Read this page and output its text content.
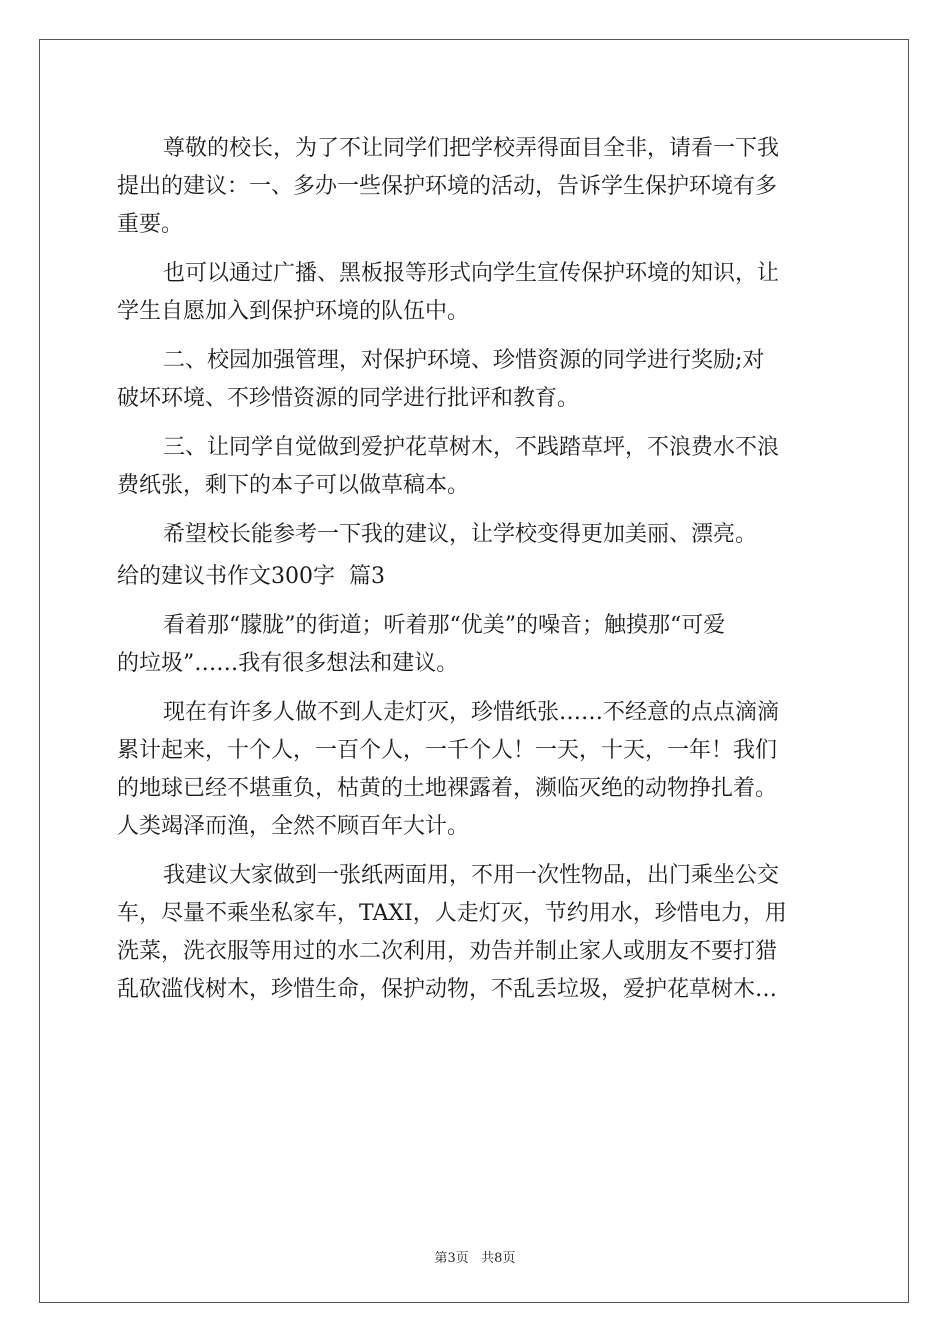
尊敬的校长，为了不让同学们把学校弄得面目全非，请看一下我
提出的建议：一、多办一些保护环境的活动，告诉学生保护环境有多
重要。

也可以通过广播、黑板报等形式向学生宣传保护环境的知识，让
学生自愿加入到保护环境的队伍中。

二、校园加强管理，对保护环境、珍惜资源的同学进行奖励;对
破坏环境、不珍惜资源的同学进行批评和教育。

三、让同学自觉做到爱护花草树木，不践踏草坪，不浪费水不浪
费纸张，剩下的本子可以做草稿本。

希望校长能参考一下我的建议，让学校变得更加美丽、漂亮。

给的建议书作文300字  篇3

看着那“朦胧”的街道；听着那“优美”的噪音；触摸那“可爱
的垃圾”……我有很多想法和建议。

现在有许多人做不到人走灯灭，珍惜纸张……不经意的点点滴滴
累计起来，十个人，一百个人，一千个人！一天，十天，一年！我们
的地球已经不堪重负，枯黄的土地裸露着，濒临灭绝的动物挣扎着。
人类竭泽而渔，全然不顾百年大计。

我建议大家做到一张纸两面用，不用一次性物品，出门乘坐公交
车，尽量不乘坐私家车，TAXI，人走灯灭，节约用水，珍惜电力，用
洗菜，洗衣服等用过的水二次利用，劝告并制止家人或朋友不要打猎
乱砍滥伐树木，珍惜生命，保护动物，不乱丢垃圾，爱护花草树木…

第3页   共8页
